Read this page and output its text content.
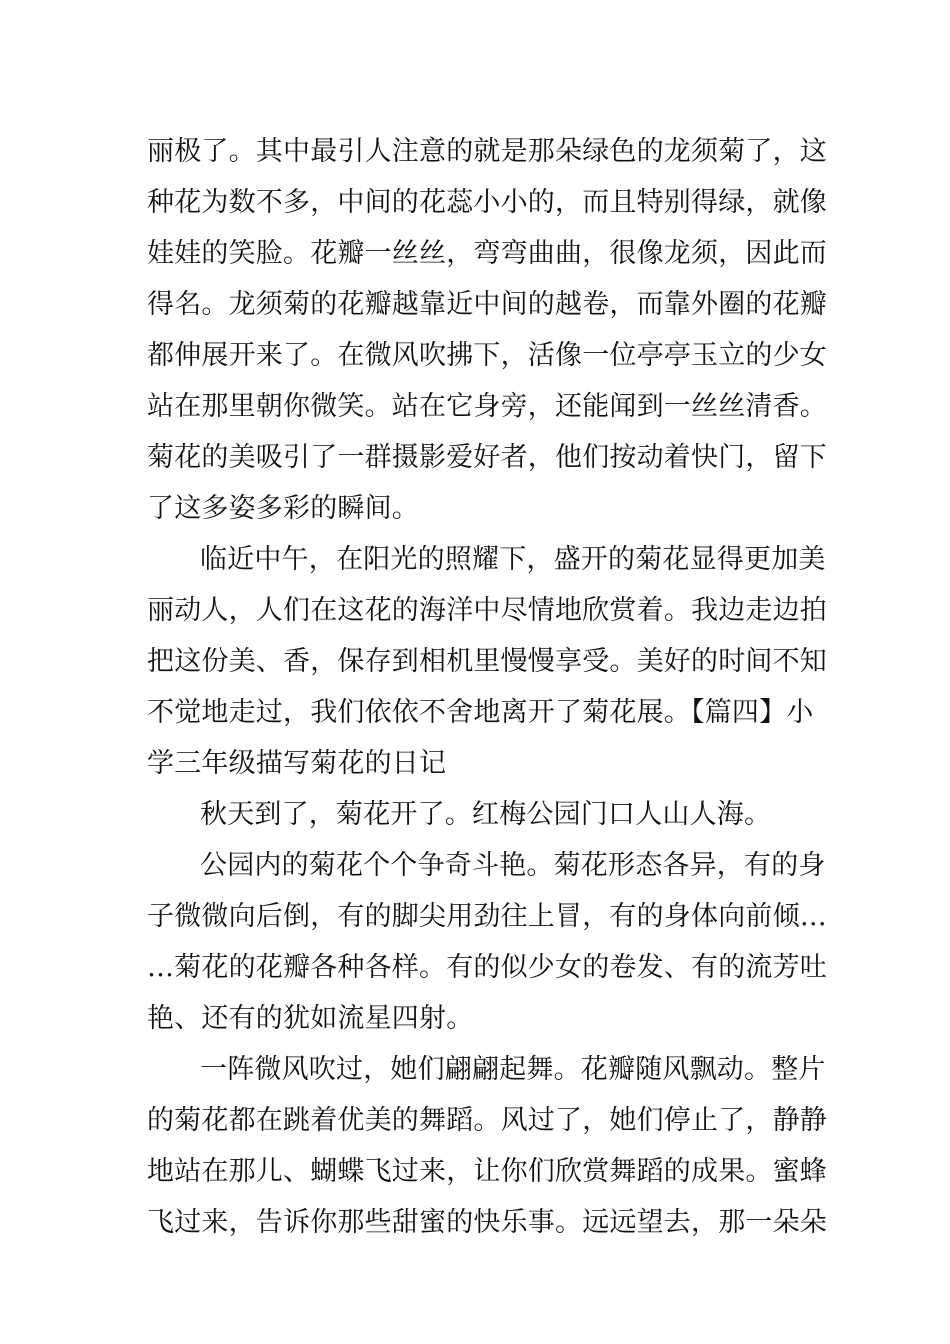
丽极了。其中最引人注意的就是那朵绿色的龙须菊了，这
种花为数不多，中间的花蕊小小的，而且特别得绿，就像
娃娃的笑脸。花瓣一丝丝，弯弯曲曲，很像龙须，因此而
得名。龙须菊的花瓣越靠近中间的越卷，而靠外圈的花瓣
都伸展开来了。在微风吹拂下，活像一位亭亭玉立的少女
站在那里朝你微笑。站在它身旁，还能闻到一丝丝清香。
菊花的美吸引了一群摄影爱好者，他们按动着快门，留下
了这多姿多彩的瞬间。

临近中午，在阳光的照耀下，盛开的菊花显得更加美
丽动人，人们在这花的海洋中尽情地欣赏着。我边走边拍
把这份美、香，保存到相机里慢慢享受。美好的时间不知
不觉地走过，我们依依不舍地离开了菊花展。【篇四】小
学三年级描写菊花的日记

秋天到了，菊花开了。红梅公园门口人山人海。

公园内的菊花个个争奇斗艳。菊花形态各异，有的身
子微微向后倒，有的脚尖用劲往上冒，有的身体向前倾…
…菊花的花瓣各种各样。有的似少女的卷发、有的流芳吐
艳、还有的犹如流星四射。

一阵微风吹过，她们翩翩起舞。花瓣随风飘动。整片
的菊花都在跳着优美的舞蹈。风过了，她们停止了，静静
地站在那儿、蝴蝶飞过来，让你们欣赏舞蹈的成果。蜜蜂
飞过来，告诉你那些甜蜜的快乐事。远远望去，那一朵朵
